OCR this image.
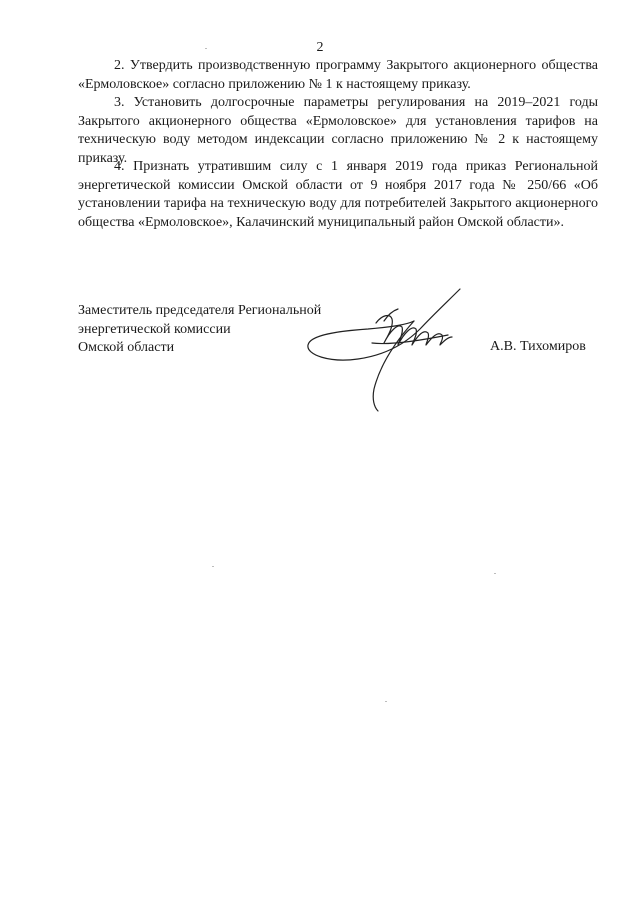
2

2. Утвердить производственную программу Закрытого акционерного общества «Ермоловское» согласно приложению № 1 к настоящему приказу.

3. Установить долгосрочные параметры регулирования на 2019–2021 годы Закрытого акционерного общества «Ермоловское» для установления тарифов на техническую воду методом индексации согласно приложению № 2 к настоящему приказу.

4. Признать утратившим силу с 1 января 2019 года приказ Региональной энергетической комиссии Омской области от 9 ноября 2017 года № 250/66 «Об установлении тарифа на техническую воду для потребителей Закрытого акционерного общества «Ермоловское», Калачинский муниципальный район Омской области».

Заместитель председателя Региональной
энергетической комиссии
Омской области	А.В. Тихомиров
